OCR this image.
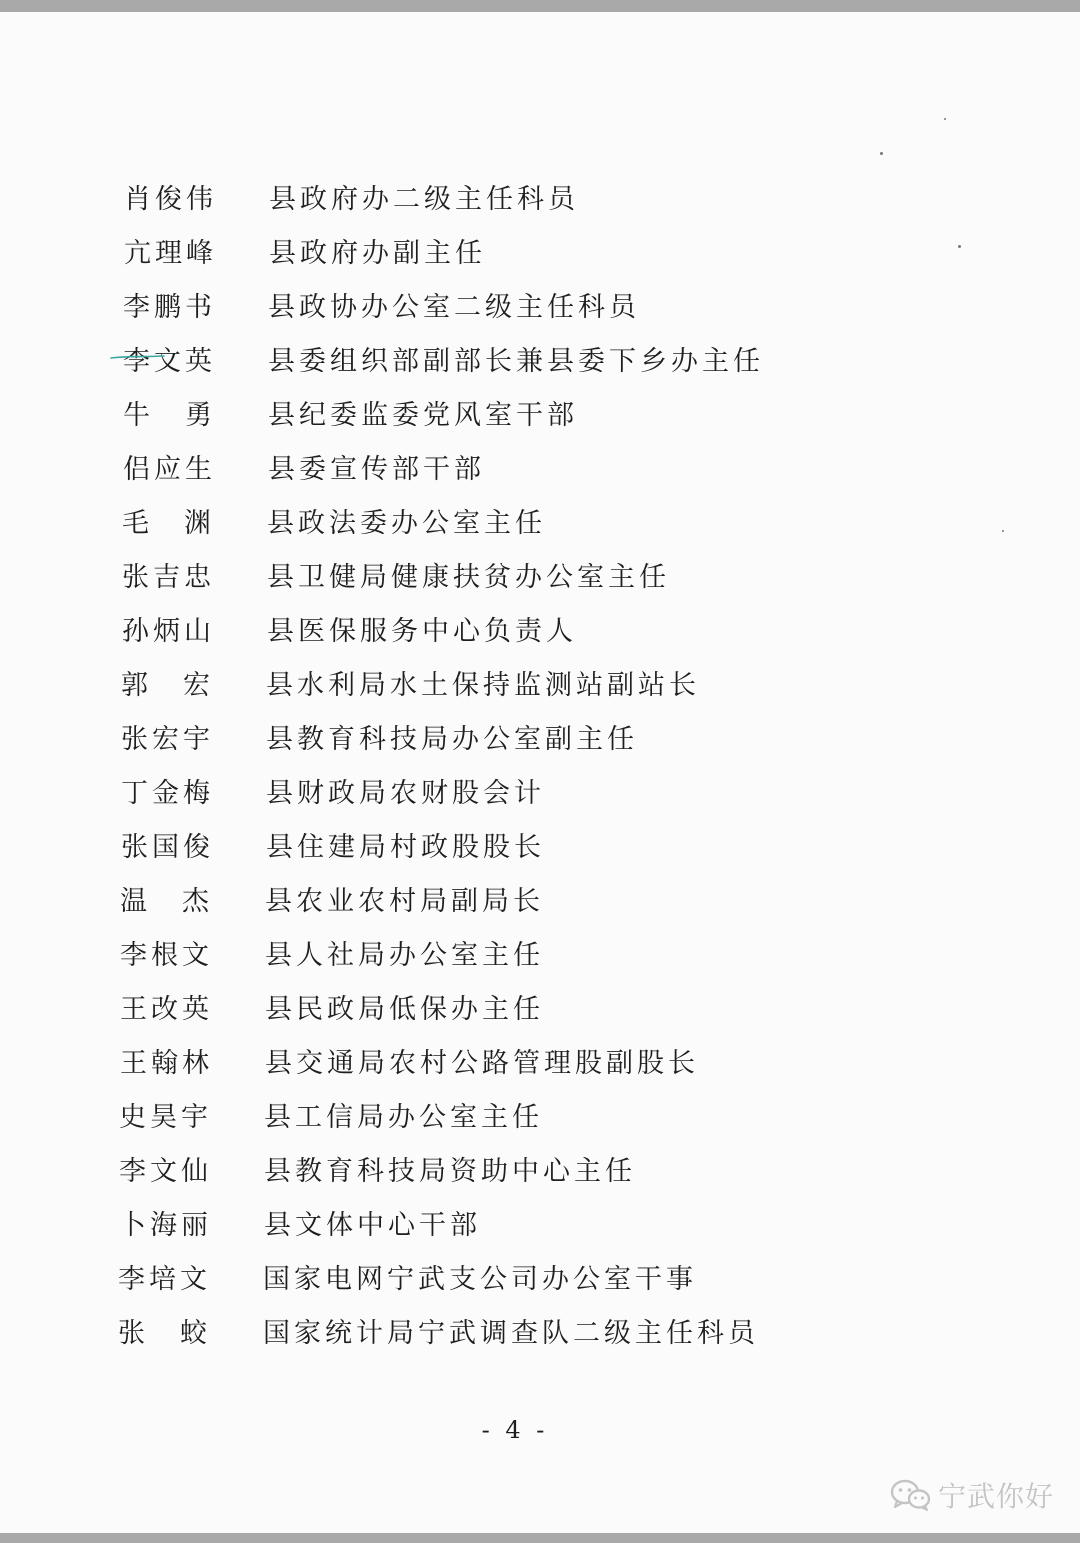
肖俊伟	县政府办二级主任科员
亢理峰	县政府办副主任
李鹏书	县政协办公室二级主任科员
李文英	县委组织部副部长兼县委下乡办主任
牛　勇	县纪委监委党风室干部
侣应生	县委宣传部干部
毛　渊	县政法委办公室主任
张吉忠	县卫健局健康扶贫办公室主任
孙炳山	县医保服务中心负责人
郭　宏	县水利局水土保持监测站副站长
张宏宇	县教育科技局办公室副主任
丁金梅	县财政局农财股会计
张国俊	县住建局村政股股长
温　杰	县农业农村局副局长
李根文	县人社局办公室主任
王改英	县民政局低保办主任
王翰林	县交通局农村公路管理股副股长
史昊宇	县工信局办公室主任
李文仙	县教育科技局资助中心主任
卜海丽	县文体中心干部
李培文	国家电网宁武支公司办公室干事
张　蛟	国家统计局宁武调查队二级主任科员
- 4 -
宁武你好
